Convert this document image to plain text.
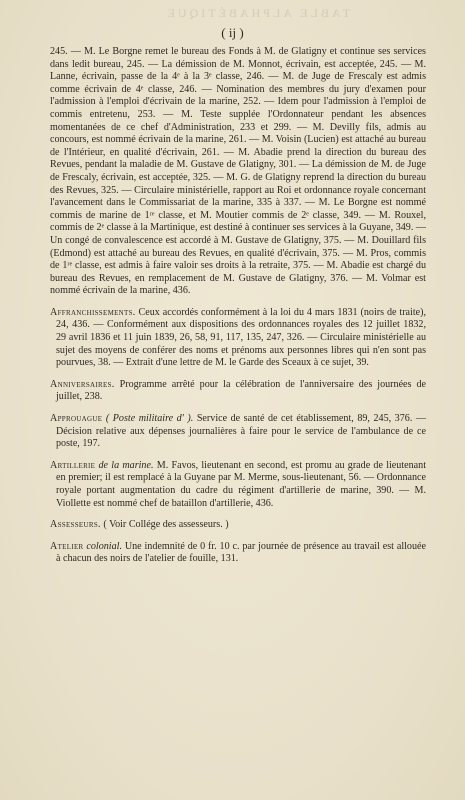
TABLE ALPHABÉTIQUE
( ij )

245. — M. Le Borgne remet le bureau des Fonds à M. de Glatigny et continue ses services dans ledit bureau, 245. — La démission de M. Monnot, écrivain, est acceptée, 245. — M. Lanne, écrivain, passe de la 4ᵉ à la 3ᵉ classe, 246. — M. de Juge de Frescaly est admis comme écrivain de 4ᵉ classe, 246. — Nomination des membres du jury d'examen pour l'admission à l'emploi d'écrivain de la marine, 252. — Idem pour l'admission à l'emploi de commis entretenu, 253. — M. Teste supplée l'Ordonnateur pendant les absences momentanées de ce chef d'Administration, 233 et 299. — M. Devilly fils, admis au concours, est nommé écrivain de la marine, 261. — M. Voisin (Lucien) est attaché au bureau de l'Intérieur, en qualité d'écrivain, 261. — M. Abadie prend la direction du bureau des Revues, pendant la maladie de M. Gustave de Glatigny, 301. — La démission de M. de Juge de Frescaly, écrivain, est acceptée, 325. — M. G. de Glatigny reprend la direction du bureau des Revues, 325. — Circulaire ministérielle, rapport au Roi et ordonnance royale concernant l'avancement dans le Commissariat de la marine, 335 à 337. — M. Le Borgne est nommé commis de marine de 1ʳᵉ classe, et M. Moutier commis de 2ᵉ classe, 349. — M. Rouxel, commis de 2ᵉ classe à la Martinique, est destiné à continuer ses services à la Guyane, 349. — Un congé de convalescence est accordé à M. Gustave de Glatigny, 375. — M. Douillard fils (Edmond) est attaché au bureau des Revues, en qualité d'écrivain, 375. — M. Pros, commis de 1ʳᵉ classe, est admis à faire valoir ses droits à la retraite, 375. — M. Abadie est chargé du bureau des Revues, en remplacement de M. Gustave de Glatigny, 376. — M. Volmar est nommé écrivain de la marine, 436.

Affranchissements. Ceux accordés conformément à la loi du 4 mars 1831 (noirs de traite), 24, 436. — Conformément aux dispositions des ordonnances royales des 12 juillet 1832, 29 avril 1836 et 11 juin 1839, 26, 58, 91, 117, 135, 247, 326. — Circulaire ministérielle au sujet des moyens de conférer des noms et prénoms aux personnes libres qui n'en sont pas pourvues, 38. — Extrait d'une lettre de M. le Garde des Sceaux à ce sujet, 39.

Anniversaires. Programme arrêté pour la célébration de l'anniversaire des journées de juillet, 238.

Approuague ( Poste militaire d' ). Service de santé de cet établissement, 89, 245, 376. — Décision relative aux dépenses journalières à faire pour le service de l'ambulance de ce poste, 197.

Artillerie de la marine. M. Favos, lieutenant en second, est promu au grade de lieutenant en premier; il est remplacé à la Guyane par M. Merme, sous-lieutenant, 56. — Ordonnance royale portant augmentation du cadre du régiment d'artillerie de marine, 390. — M. Viollette est nommé chef de bataillon d'artillerie, 436.

Assesseurs. ( Voir Collége des assesseurs. )

Atelier colonial. Une indemnité de 0 fr. 10 c. par journée de présence au travail est allouée à chacun des noirs de l'atelier de fouille, 131.
